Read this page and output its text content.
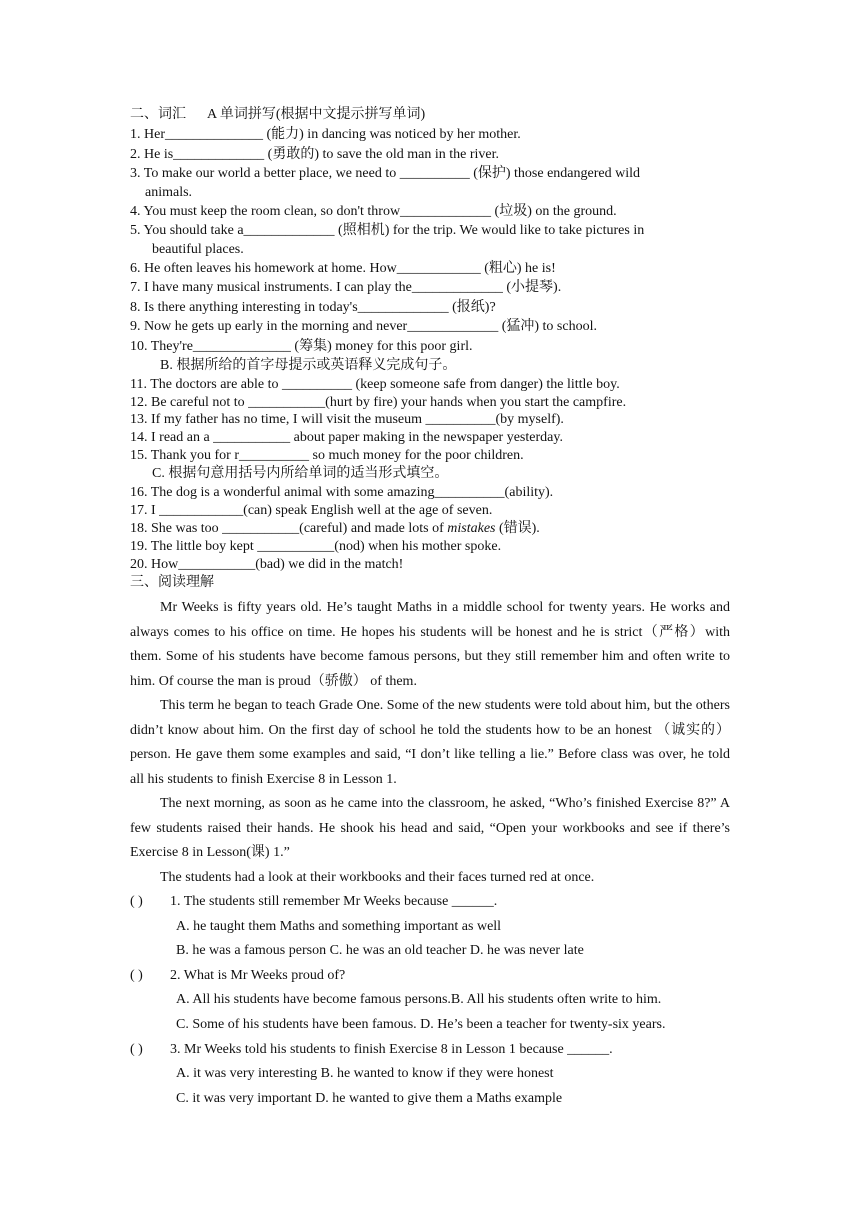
二、词汇 A 单词拼写(根据中文提示拼写单词)
1. Her______________ (能力) in dancing was noticed by her mother.
2. He is_____________ (勇敢的) to save the old man in the river.
3. To make our world a better place, we need to __________ (保护) those endangered wild
animals.
4. You must keep the room clean, so don't throw_____________ (垃圾) on the ground.
5. You should take a_____________ (照相机) for the trip. We would like to take pictures in
beautiful places.
6. He often leaves his homework at home. How____________ (粗心) he is!
7. I have many musical instruments. I can play the_____________ (小提琴).
8. Is there anything interesting in today's_____________ (报纸)?
9. Now he gets up early in the morning and never_____________ (猛冲) to school.
10. They're______________ (筹集) money for this poor girl.
B. 根据所给的首字母提示或英语释义完成句子。
11. The doctors are able to __________ (keep someone safe from danger) the little boy.
12. Be careful not to ___________(hurt by fire) your hands when you start the campfire.
13. If my father has no time, I will visit the museum __________(by myself).
14. I read an a ___________ about paper making in the newspaper yesterday.
15. Thank you for r__________ so much money for the poor children.
C. 根据句意用括号内所给单词的适当形式填空。
16. The dog is a wonderful animal with some amazing__________(ability).
17. I ____________(can) speak English well at the age of seven.
18. She was too ___________(careful) and made lots of mistakes (错误).
19. The little boy kept ___________(nod) when his mother spoke.
20. How___________(bad) we did in the match!
三、阅读理解

Mr Weeks is fifty years old. He’s taught Maths in a middle school for twenty years. He works and always comes to his office on time. He hopes his students will be honest and he is strict（严格）with them. Some of his students have become famous persons, but they still remember him and often write to him. Of course the man is proud（骄傲） of them.

This term he began to teach Grade One. Some of the new students were told about him, but the others didn’t know about him. On the first day of school he told the students how to be an honest （诚实的）person. He gave them some examples and said, “I don’t like telling a lie.” Before class was over, he told all his students to finish Exercise 8 in Lesson 1.

The next morning, as soon as he came into the classroom, he asked, “Who’s finished Exercise 8?” A few students raised their hands. He shook his head and said, “Open your workbooks and see if there’s Exercise 8 in Lesson(课) 1.”

The students had a look at their workbooks and their faces turned red at once.

( ) 1. The students still remember Mr Weeks because ______.
A. he taught them Maths and something important as well
B. he was a famous person C. he was an old teacher D. he was never late
( ) 2. What is Mr Weeks proud of?
A. All his students have become famous persons.B. All his students often write to him.
C. Some of his students have been famous. D. He’s been a teacher for twenty-six years.
( ) 3. Mr Weeks told his students to finish Exercise 8 in Lesson 1 because ______.
A. it was very interesting B. he wanted to know if they were honest
C. it was very important D. he wanted to give them a Maths example
